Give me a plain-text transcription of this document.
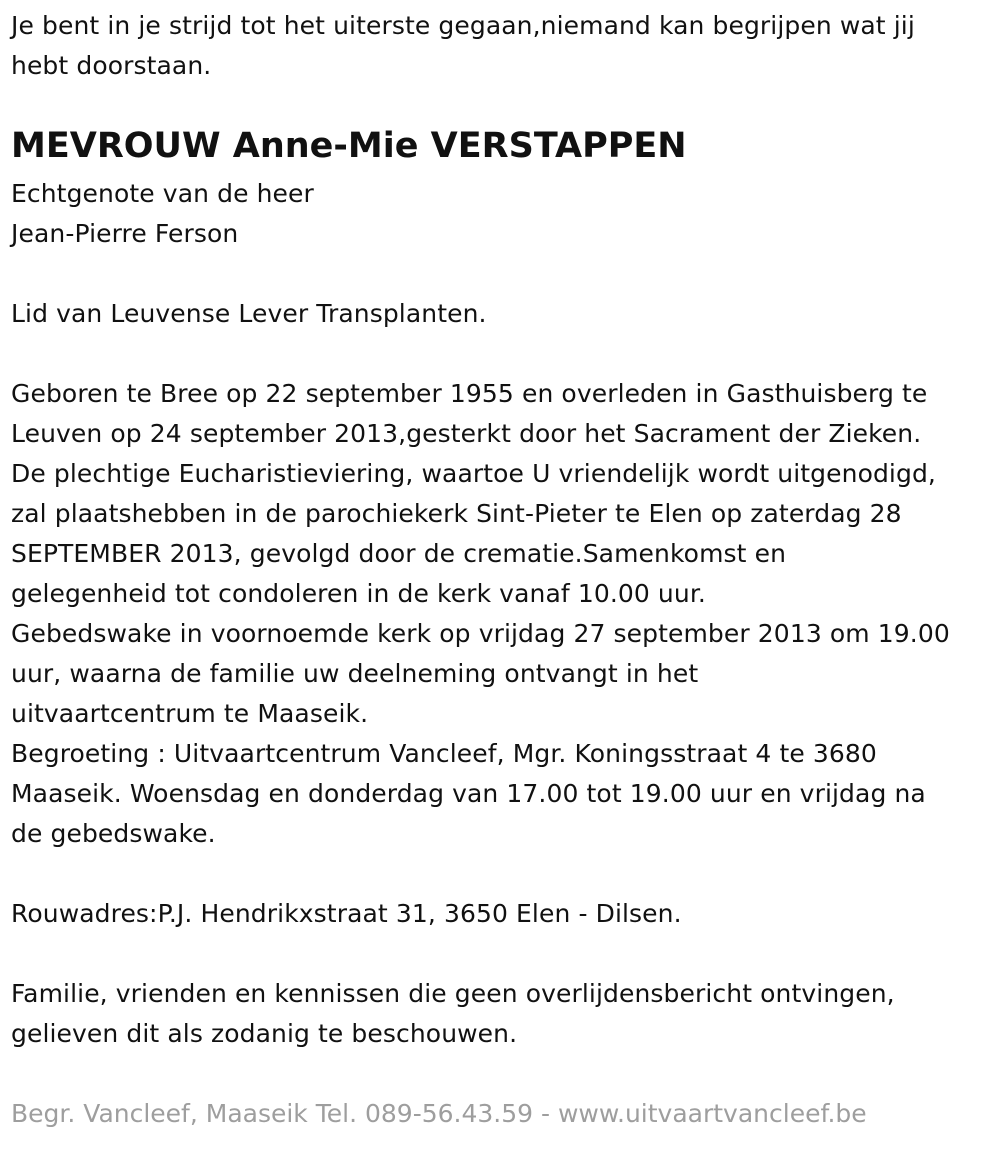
Je bent in je strijd tot het uiterste gegaan,niemand kan begrijpen wat jij
hebt doorstaan.
MEVROUW Anne-Mie VERSTAPPEN
Echtgenote van de heer
Jean-Pierre Ferson
Lid van Leuvense Lever Transplanten.
Geboren te Bree op 22 september 1955 en overleden in Gasthuisberg te
Leuven op 24 september 2013,gesterkt door het Sacrament der Zieken.
De plechtige Eucharistieviering, waartoe U vriendelijk wordt uitgenodigd,
zal plaatshebben in de parochiekerk Sint-Pieter te Elen op zaterdag 28
SEPTEMBER 2013, gevolgd door de crematie.Samenkomst en
gelegenheid tot condoleren in de kerk vanaf 10.00 uur.
Gebedswake in voornoemde kerk op vrijdag 27 september 2013 om 19.00
uur, waarna de familie uw deelneming ontvangt in het
uitvaartcentrum te Maaseik.
Begroeting : Uitvaartcentrum Vancleef, Mgr. Koningsstraat 4 te 3680
Maaseik. Woensdag en donderdag van 17.00 tot 19.00 uur en vrijdag na
de gebedswake.
Rouwadres:P.J. Hendrikxstraat 31, 3650 Elen - Dilsen.
Familie, vrienden en kennissen die geen overlijdensbericht ontvingen,
gelieven dit als zodanig te beschouwen.
Begr. Vancleef, Maaseik Tel. 089-56.43.59 - www.uitvaartvancleef.be
